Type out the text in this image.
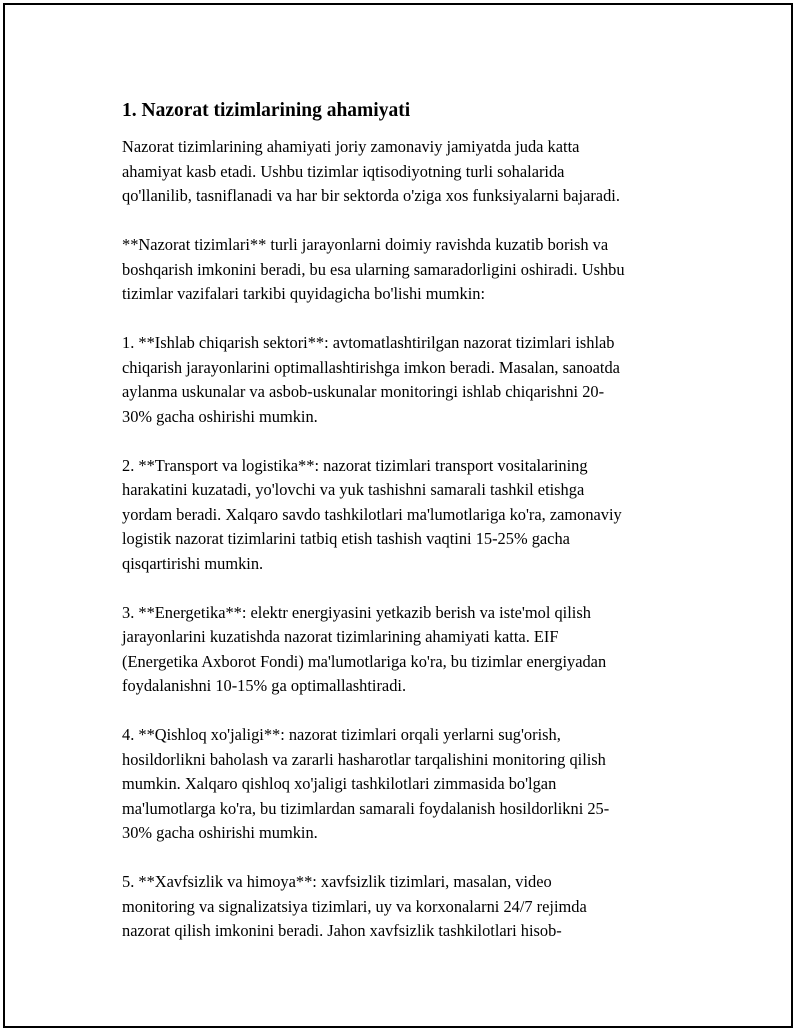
1. Nazorat tizimlarining ahamiyati

Nazorat tizimlarining ahamiyati joriy zamonaviy jamiyatda juda katta
ahamiyat kasb etadi. Ushbu tizimlar iqtisodiyotning turli sohalarida
qo'llanilib, tasniflanadi va har bir sektorda o'ziga xos funksiyalarni bajaradi.

**Nazorat tizimlari** turli jarayonlarni doimiy ravishda kuzatib borish va
boshqarish imkonini beradi, bu esa ularning samaradorligini oshiradi. Ushbu
tizimlar vazifalari tarkibi quyidagicha bo'lishi mumkin:

1. **Ishlab chiqarish sektori**: avtomatlashtirilgan nazorat tizimlari ishlab
chiqarish jarayonlarini optimallashtirishga imkon beradi. Masalan, sanoatda
aylanma uskunalar va asbob-uskunalar monitoringi ishlab chiqarishni 20-
30% gacha oshirishi mumkin.

2. **Transport va logistika**: nazorat tizimlari transport vositalarining
harakatini kuzatadi, yo'lovchi va yuk tashishni samarali tashkil etishga
yordam beradi. Xalqaro savdo tashkilotlari ma'lumotlariga ko'ra, zamonaviy
logistik nazorat tizimlarini tatbiq etish tashish vaqtini 15-25% gacha
qisqartirishi mumkin.

3. **Energetika**: elektr energiyasini yetkazib berish va iste'mol qilish
jarayonlarini kuzatishda nazorat tizimlarining ahamiyati katta. EIF
(Energetika Axborot Fondi) ma'lumotlariga ko'ra, bu tizimlar energiyadan
foydalanishni 10-15% ga optimallashtiradi.

4. **Qishloq xo'jaligi**: nazorat tizimlari orqali yerlarni sug'orish,
hosildorlikni baholash va zararli hasharotlar tarqalishini monitoring qilish
mumkin. Xalqaro qishloq xo'jaligi tashkilotlari zimmasida bo'lgan
ma'lumotlarga ko'ra, bu tizimlardan samarali foydalanish hosildorlikni 25-
30% gacha oshirishi mumkin.

5. **Xavfsizlik va himoya**: xavfsizlik tizimlari, masalan, video
monitoring va signalizatsiya tizimlari, uy va korxonalarni 24/7 rejimda
nazorat qilish imkonini beradi. Jahon xavfsizlik tashkilotlari hisob-
